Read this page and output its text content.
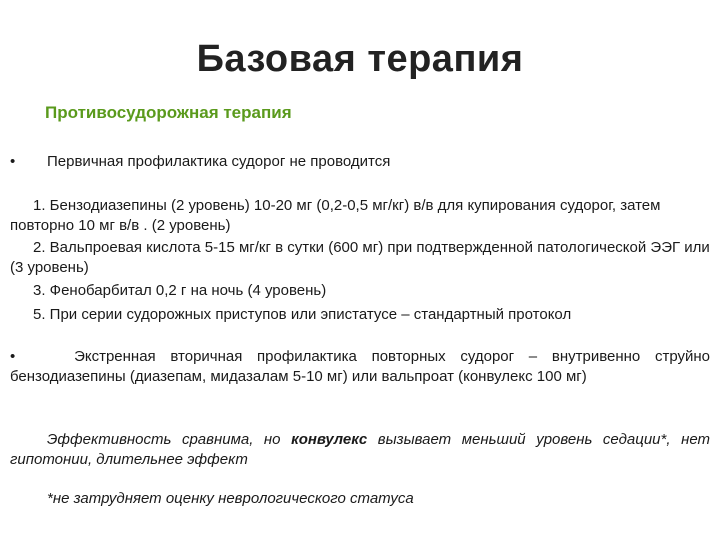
Базовая терапия
Противосудорожная терапия
• Первичная профилактика судорог не проводится
1. Бензодиазепины (2 уровень) 10-20 мг (0,2-0,5 мг/кг) в/в для купирования судорог, затем повторно 10 мг в/в . (2 уровень)
2. Вальпроевая кислота 5-15 мг/кг в сутки (600 мг) при подтвержденной патологической ЭЭГ или (3 уровень)
3. Фенобарбитал 0,2 г на ночь (4 уровень)
5. При серии судорожных приступов или эпистатусе – стандартный протокол
•	Экстренная вторичная профилактика повторных судорог – внутривенно струйно бензодиазепины (диазепам, мидазалам 5-10 мг) или вальпроат (конвулекс 100 мг)
Эффективность сравнима, но конвулекс вызывает меньший уровень седации*, нет гипотонии, длительнее эффект
*не затрудняет оценку неврологического статуса
